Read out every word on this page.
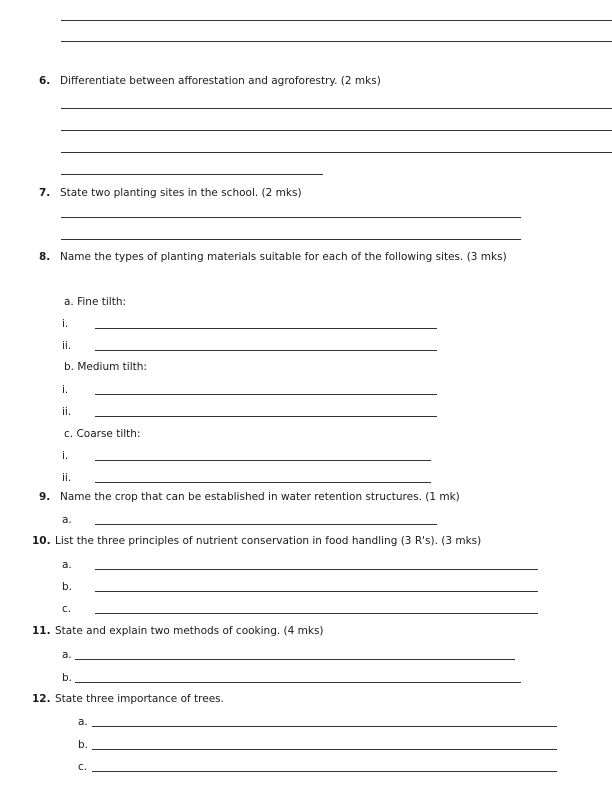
6. Differentiate between afforestation and agroforestry. (2 mks)
7. State two planting sites in the school. (2 mks)
8. Name the types of planting materials suitable for each of the following sites. (3 mks)
a. Fine tilth:
i.
ii.
b. Medium tilth:
i.
ii.
c. Coarse tilth:
i.
ii.
9. Name the crop that can be established in water retention structures. (1 mk)
a.
10. List the three principles of nutrient conservation in food handling (3 R's). (3 mks)
a.
b.
c.
11. State and explain two methods of cooking. (4 mks)
a.
b.
12. State three importance of trees.
a.
b.
c.
